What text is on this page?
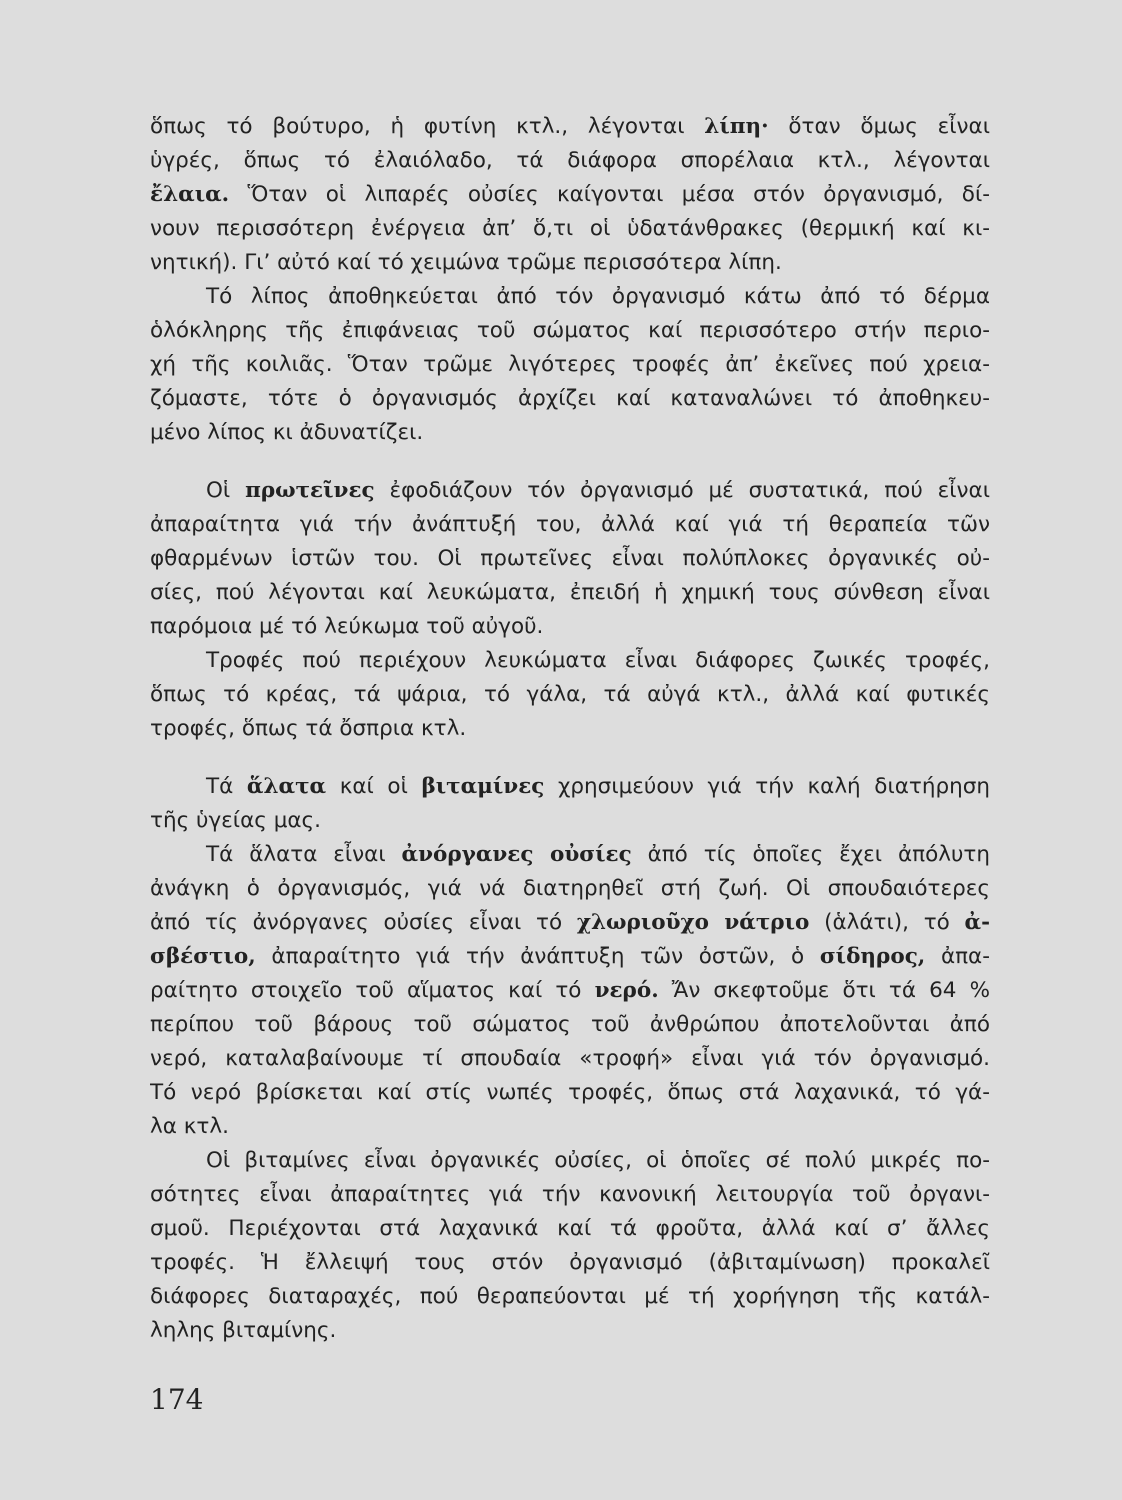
ὅπως τό βούτυρο, ἡ φυτίνη κτλ., λέγονται λίπη· ὅταν ὅμως εἶναι
ὑγρές, ὅπως τό ἐλαιόλαδο, τά διάφορα σπορέλαια κτλ., λέγονται
ἔλαια. Ὅταν οἱ λιπαρές οὐσίες καίγονται μέσα στόν ὀργανισμό, δί-
νουν περισσότερη ἐνέργεια ἀπ’ ὅ,τι οἱ ὑδατάνθρακες (θερμική καί κι-
νητική). Γι’ αὐτό καί τό χειμώνα τρῶμε περισσότερα λίπη.
Τό λίπος ἀποθηκεύεται ἀπό τόν ὀργανισμό κάτω ἀπό τό δέρμα
ὁλόκληρης τῆς ἐπιφάνειας τοῦ σώματος καί περισσότερο στήν περιο-
χή τῆς κοιλιᾶς. Ὅταν τρῶμε λιγότερες τροφές ἀπ’ ἐκεῖνες πού χρεια-
ζόμαστε, τότε ὁ ὀργανισμός ἀρχίζει καί καταναλώνει τό ἀποθηκευ-
μένο λίπος κι ἀδυνατίζει.
Οἱ πρωτεῖνες ἐφοδιάζουν τόν ὀργανισμό μέ συστατικά, πού εἶναι
ἀπαραίτητα γιά τήν ἀνάπτυξή του, ἀλλά καί γιά τή θεραπεία τῶν
φθαρμένων ἱστῶν του. Οἱ πρωτεῖνες εἶναι πολύπλοκες ὀργανικές οὐ-
σίες, πού λέγονται καί λευκώματα, ἐπειδή ἡ χημική τους σύνθεση εἶναι
παρόμοια μέ τό λεύκωμα τοῦ αὐγοῦ.
Τροφές πού περιέχουν λευκώματα εἶναι διάφορες ζωικές τροφές,
ὅπως τό κρέας, τά ψάρια, τό γάλα, τά αὐγά κτλ., ἀλλά καί φυτικές
τροφές, ὅπως τά ὄσπρια κτλ.
Τά ἅλατα καί οἱ βιταμίνες χρησιμεύουν γιά τήν καλή διατήρηση
τῆς ὑγείας μας.
Τά ἅλατα εἶναι ἀνόργανες οὐσίες ἀπό τίς ὁποῖες ἔχει ἀπόλυτη
ἀνάγκη ὁ ὀργανισμός, γιά νά διατηρηθεῖ στή ζωή. Οἱ σπουδαιότερες
ἀπό τίς ἀνόργανες οὐσίες εἶναι τό χλωριοῦχο νάτριο (ἁλάτι), τό ἀ-
σβέστιο, ἀπαραίτητο γιά τήν ἀνάπτυξη τῶν ὀστῶν, ὁ σίδηρος, ἀπα-
ραίτητο στοιχεῖο τοῦ αἵματος καί τό νερό. Ἄν σκεφτοῦμε ὅτι τά 64 %
περίπου τοῦ βάρους τοῦ σώματος τοῦ ἀνθρώπου ἀποτελοῦνται ἀπό
νερό, καταλαβαίνουμε τί σπουδαία «τροφή» εἶναι γιά τόν ὀργανισμό.
Τό νερό βρίσκεται καί στίς νωπές τροφές, ὅπως στά λαχανικά, τό γά-
λα κτλ.
Οἱ βιταμίνες εἶναι ὀργανικές οὐσίες, οἱ ὁποῖες σέ πολύ μικρές πο-
σότητες εἶναι ἀπαραίτητες γιά τήν κανονική λειτουργία τοῦ ὀργανι-
σμοῦ. Περιέχονται στά λαχανικά καί τά φροῦτα, ἀλλά καί σ’ ἄλλες
τροφές. Ἡ ἔλλειψή τους στόν ὀργανισμό (ἀβιταμίνωση) προκαλεῖ
διάφορες διαταραχές, πού θεραπεύονται μέ τή χορήγηση τῆς κατάλ-
ληλης βιταμίνης.
174
